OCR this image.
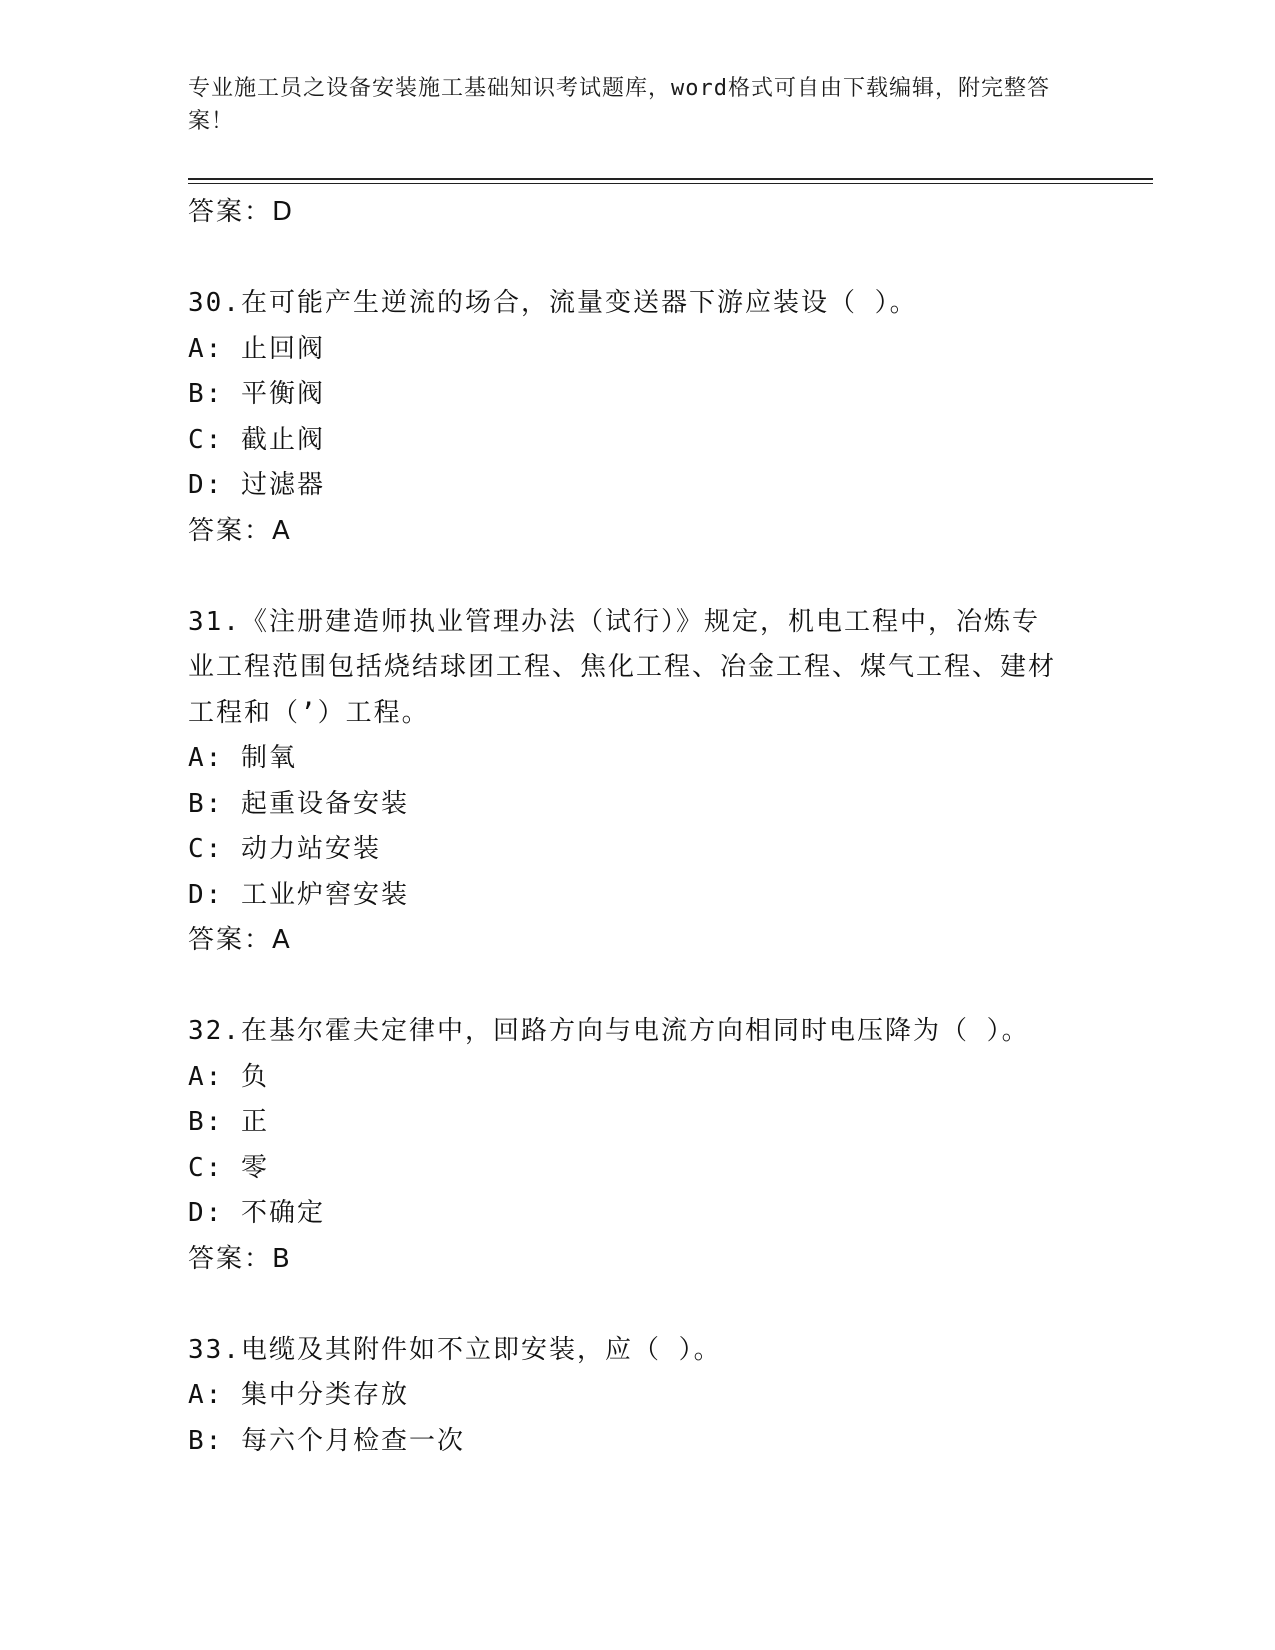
专业施工员之设备安装施工基础知识考试题库，word格式可自由下载编辑，附完整答案！
答案：D
30.在可能产生逆流的场合，流量变送器下游应装设（ ）。
A: 止回阀
B: 平衡阀
C: 截止阀
D: 过滤器
答案：A
31.《注册建造师执业管理办法（试行）》规定，机电工程中，冶炼专业工程范围包括烧结球团工程、焦化工程、冶金工程、煤气工程、建材工程和（’）工程。
A: 制氧
B: 起重设备安装
C: 动力站安装
D: 工业炉窖安装
答案：A
32.在基尔霍夫定律中，回路方向与电流方向相同时电压降为（ ）。
A: 负
B: 正
C: 零
D: 不确定
答案：B
33.电缆及其附件如不立即安装，应（ ）。
A: 集中分类存放
B: 每六个月检查一次
